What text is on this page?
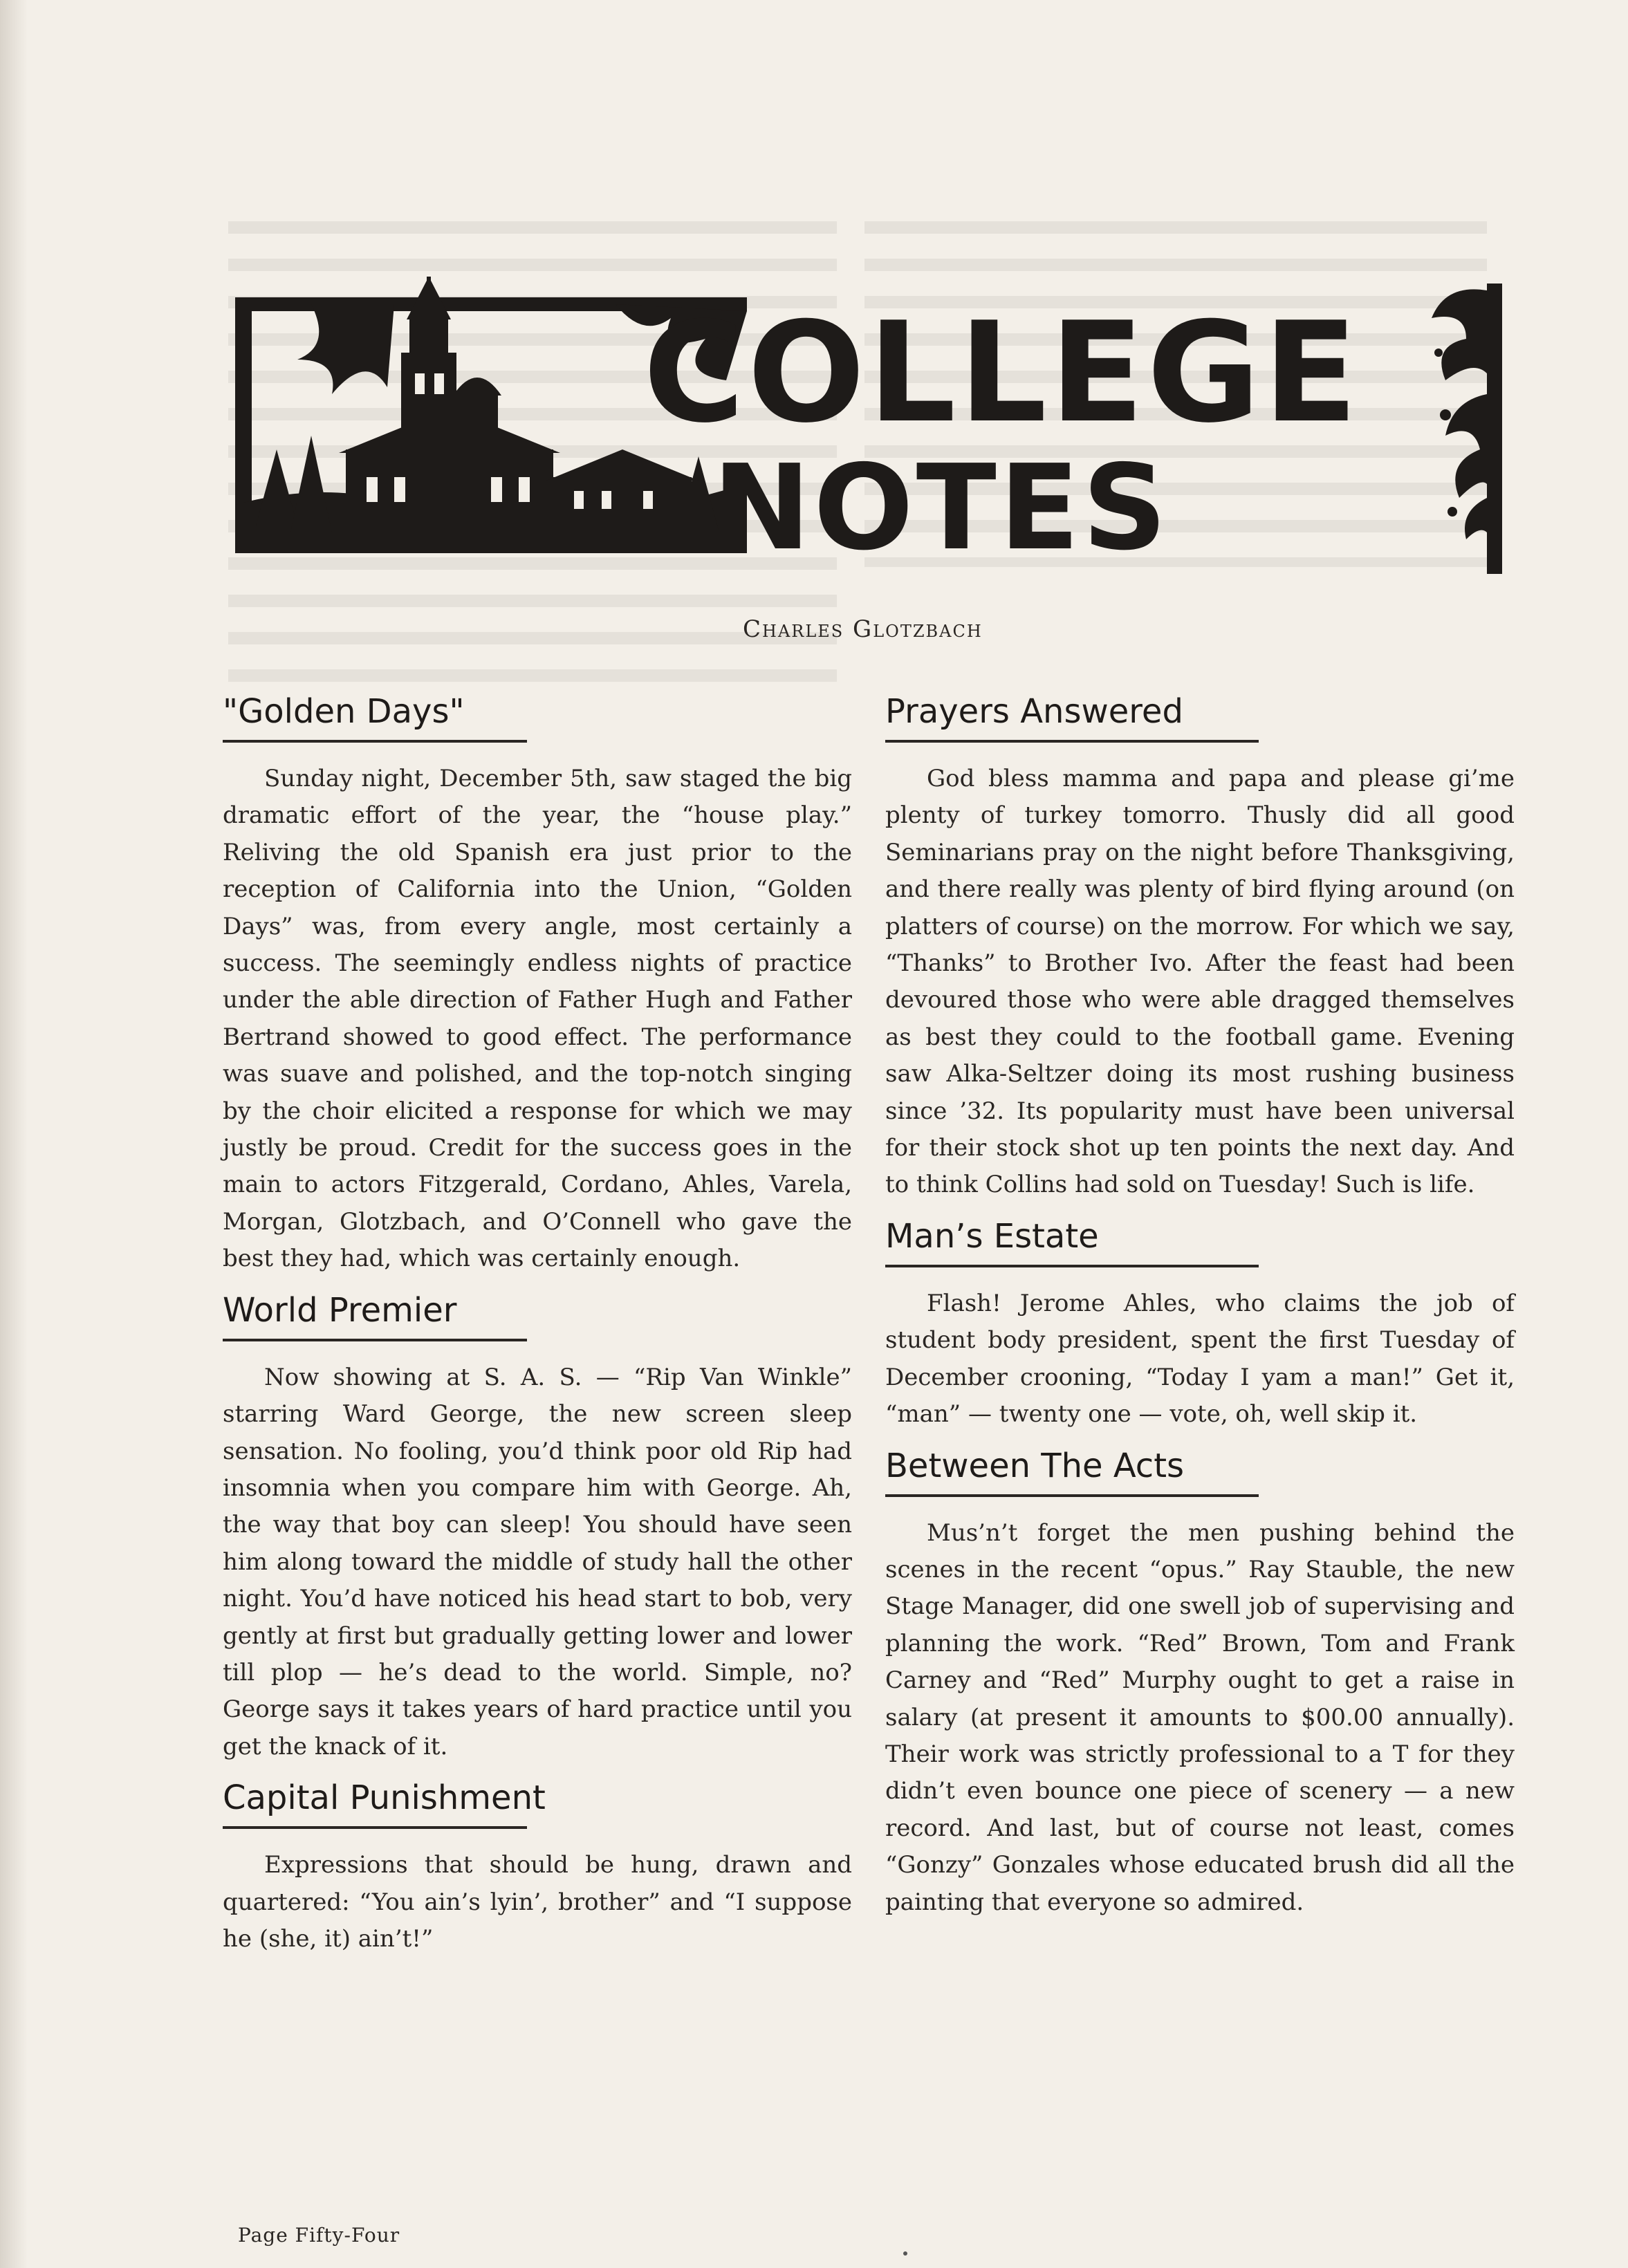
COLLEGE
NOTES
Charles Glotzbach
"Golden Days"

Sunday night, December 5th, saw staged the big dramatic effort of the year, the “house play.” Reliving the old Spanish era just prior to the reception of California into the Union, “Golden Days” was, from every angle, most certainly a success. The seemingly endless nights of practice under the able direction of Father Hugh and Father Bertrand showed to good effect. The performance was suave and polished, and the top-notch singing by the choir elicited a response for which we may justly be proud. Credit for the success goes in the main to actors Fitzgerald, Cordano, Ahles, Varela, Morgan, Glotzbach, and O’Connell who gave the best they had, which was certainly enough.

World Premier

Now showing at S. A. S. — “Rip Van Winkle” starring Ward George, the new screen sleep sensation. No fooling, you’d think poor old Rip had insomnia when you compare him with George. Ah, the way that boy can sleep! You should have seen him along toward the middle of study hall the other night. You’d have noticed his head start to bob, very gently at first but gradually getting lower and lower till plop — he’s dead to the world. Simple, no? George says it takes years of hard practice until you get the knack of it.

Capital Punishment

Expressions that should be hung, drawn and quartered: “You ain’s lyin’, brother” and “I suppose he (she, it) ain’t!”

Prayers Answered

God bless mamma and papa and please gi’me plenty of turkey tomorro. Thusly did all good Seminarians pray on the night before Thanksgiving, and there really was plenty of bird flying around (on platters of course) on the morrow. For which we say, “Thanks” to Brother Ivo. After the feast had been devoured those who were able dragged themselves as best they could to the football game. Evening saw Alka-Seltzer doing its most rushing business since ’32. Its popularity must have been universal for their stock shot up ten points the next day. And to think Collins had sold on Tuesday! Such is life.

Man’s Estate

Flash! Jerome Ahles, who claims the job of student body president, spent the first Tuesday of December crooning, “Today I yam a man!” Get it, “man” — twenty one — vote, oh, well skip it.

Between The Acts

Mus’n’t forget the men pushing behind the scenes in the recent “opus.” Ray Stauble, the new Stage Manager, did one swell job of supervising and planning the work. “Red” Brown, Tom and Frank Carney and “Red” Murphy ought to get a raise in salary (at present it amounts to $00.00 annually). Their work was strictly professional to a T for they didn’t even bounce one piece of scenery — a new record. And last, but of course not least, comes “Gonzy” Gonzales whose educated brush did all the painting that everyone so admired.

Page Fifty-Four
